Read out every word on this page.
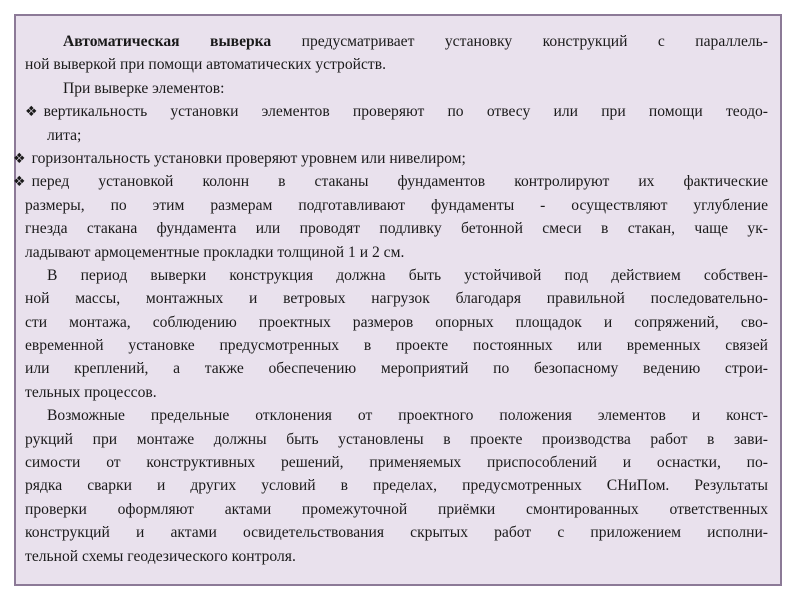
Автоматическая выверка предусматривает установку конструкций с параллель-
ной выверкой при помощи автоматических устройств.
При выверке элементов:
❖ вертикальность установки элементов проверяют по отвесу или при помощи теодо-
лита;
❖ горизонтальность установки проверяют уровнем или нивелиром;
❖ перед установкой колонн в стаканы фундаментов контролируют их фактические
размеры, по этим размерам подготавливают фундаменты - осуществляют углубление
гнезда стакана фундамента или проводят подливку бетонной смеси в стакан, чаще ук-
ладывают армоцементные прокладки толщиной 1 и 2 см.
В период выверки конструкция должна быть устойчивой под действием собствен-
ной массы, монтажных и ветровых нагрузок благодаря правильной последовательно-
сти монтажа, соблюдению проектных размеров опорных площадок и сопряжений, сво-
евременной установке предусмотренных в проекте постоянных или временных связей
или креплений, а также обеспечению мероприятий по безопасному ведению строи-
тельных процессов.
Возможные предельные отклонения от проектного положения элементов и конст-
рукций при монтаже должны быть установлены в проекте производства работ в зави-
симости от конструктивных решений, применяемых приспособлений и оснастки, по-
рядка сварки и других условий в пределах, предусмотренных СНиПом. Результаты
проверки оформляют актами промежуточной приёмки смонтированных ответственных
конструкций и актами освидетельствования скрытых работ с приложением исполни-
тельной схемы геодезического контроля.
